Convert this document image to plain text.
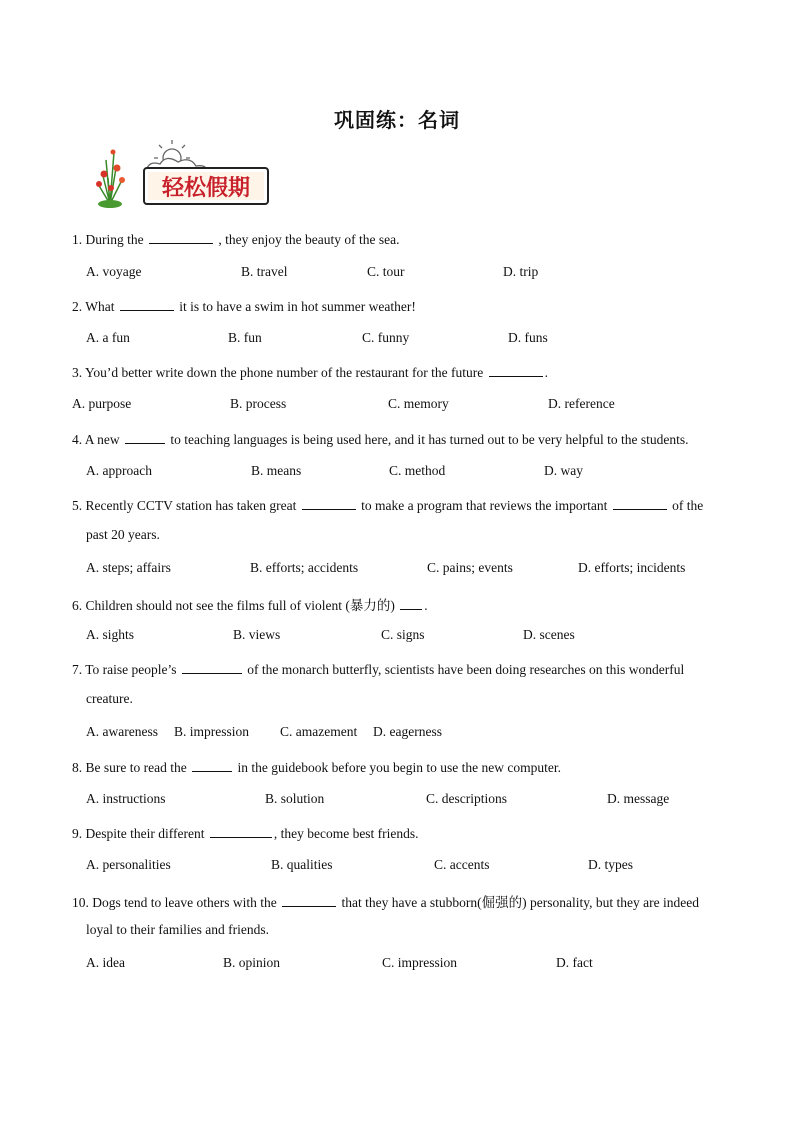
巩固练：名词
轻松假期
1. During the	, they enjoy the beauty of the sea.
A. voyage	B. travel	C. tour	D. trip
2. What	it is to have a swim in hot summer weather!
A. a fun	B. fun	C. funny	D. funs
3. You’d better write down the phone number of the restaurant for the future	.
A. purpose	B. process	C. memory	D. reference
4. A new	to teaching languages is being used here, and it has turned out to be very helpful to the students.
A. approach	B. means	C. method	D. way
5. Recently CCTV station has taken great	to make a program that reviews the important	of the
past 20 years.
A. steps; affairs	B. efforts; accidents	C. pains; events	D. efforts; incidents
6. Children should not see the films full of violent (暴力的) .
A. sights	B. views	C. signs	D. scenes
7. To raise people’s	of the monarch butterfly, scientists have been doing researches on this wonderful
creature.
A. awareness B. impression C. amazement D. eagerness
8. Be sure to read the	in the guidebook before you begin to use the new computer.
A. instructions	B. solution	C. descriptions	D. message
9. Despite their different	, they become best friends.
A. personalities	B. qualities	C. accents	D. types
10. Dogs tend to leave others with the	that they have a stubborn(倔强的) personality, but they are indeed
loyal to their families and friends.
A. idea	B. opinion	C. impression	D. fact
